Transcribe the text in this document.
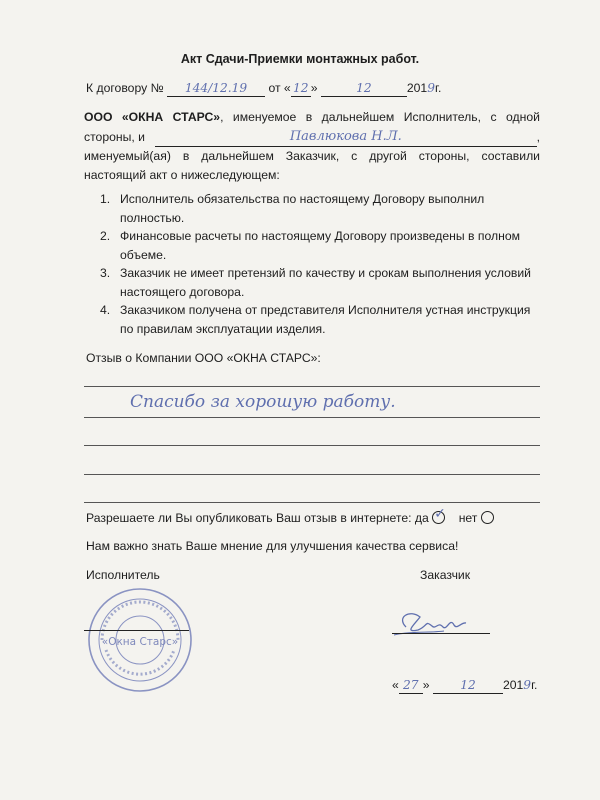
Акт Сдачи-Приемки монтажных работ.
К договору № 144/12.19 от « 12 »	12	2019г.
ООО «ОКНА СТАРС», именуемое в дальнейшем Исполнитель, с одной
стороны, и	Павлюкова Н.Л.	,
именуемый(ая) в дальнейшем Заказчик, с другой стороны, составили
настоящий акт о нижеследующем:
1. Исполнитель обязательства по настоящему Договору выполнил полностью.
2. Финансовые расчеты по настоящему Договору произведены в полном объеме.
3. Заказчик не имеет претензий по качеству и срокам выполнения условий настоящего договора.
4. Заказчиком получена от представителя Исполнителя устная инструкция по правилам эксплуатации изделия.
Отзыв о Компании ООО «ОКНА СТАРС»:
Спасибо за хорошую работу.
Разрешаете ли Вы опубликовать Ваш отзыв в интернете: да ✓ нет
Нам важно знать Ваше мнение для улучшения качества сервиса!
Исполнитель	Заказчик
«Окна Старс»
« 27 »	12 2019г.
